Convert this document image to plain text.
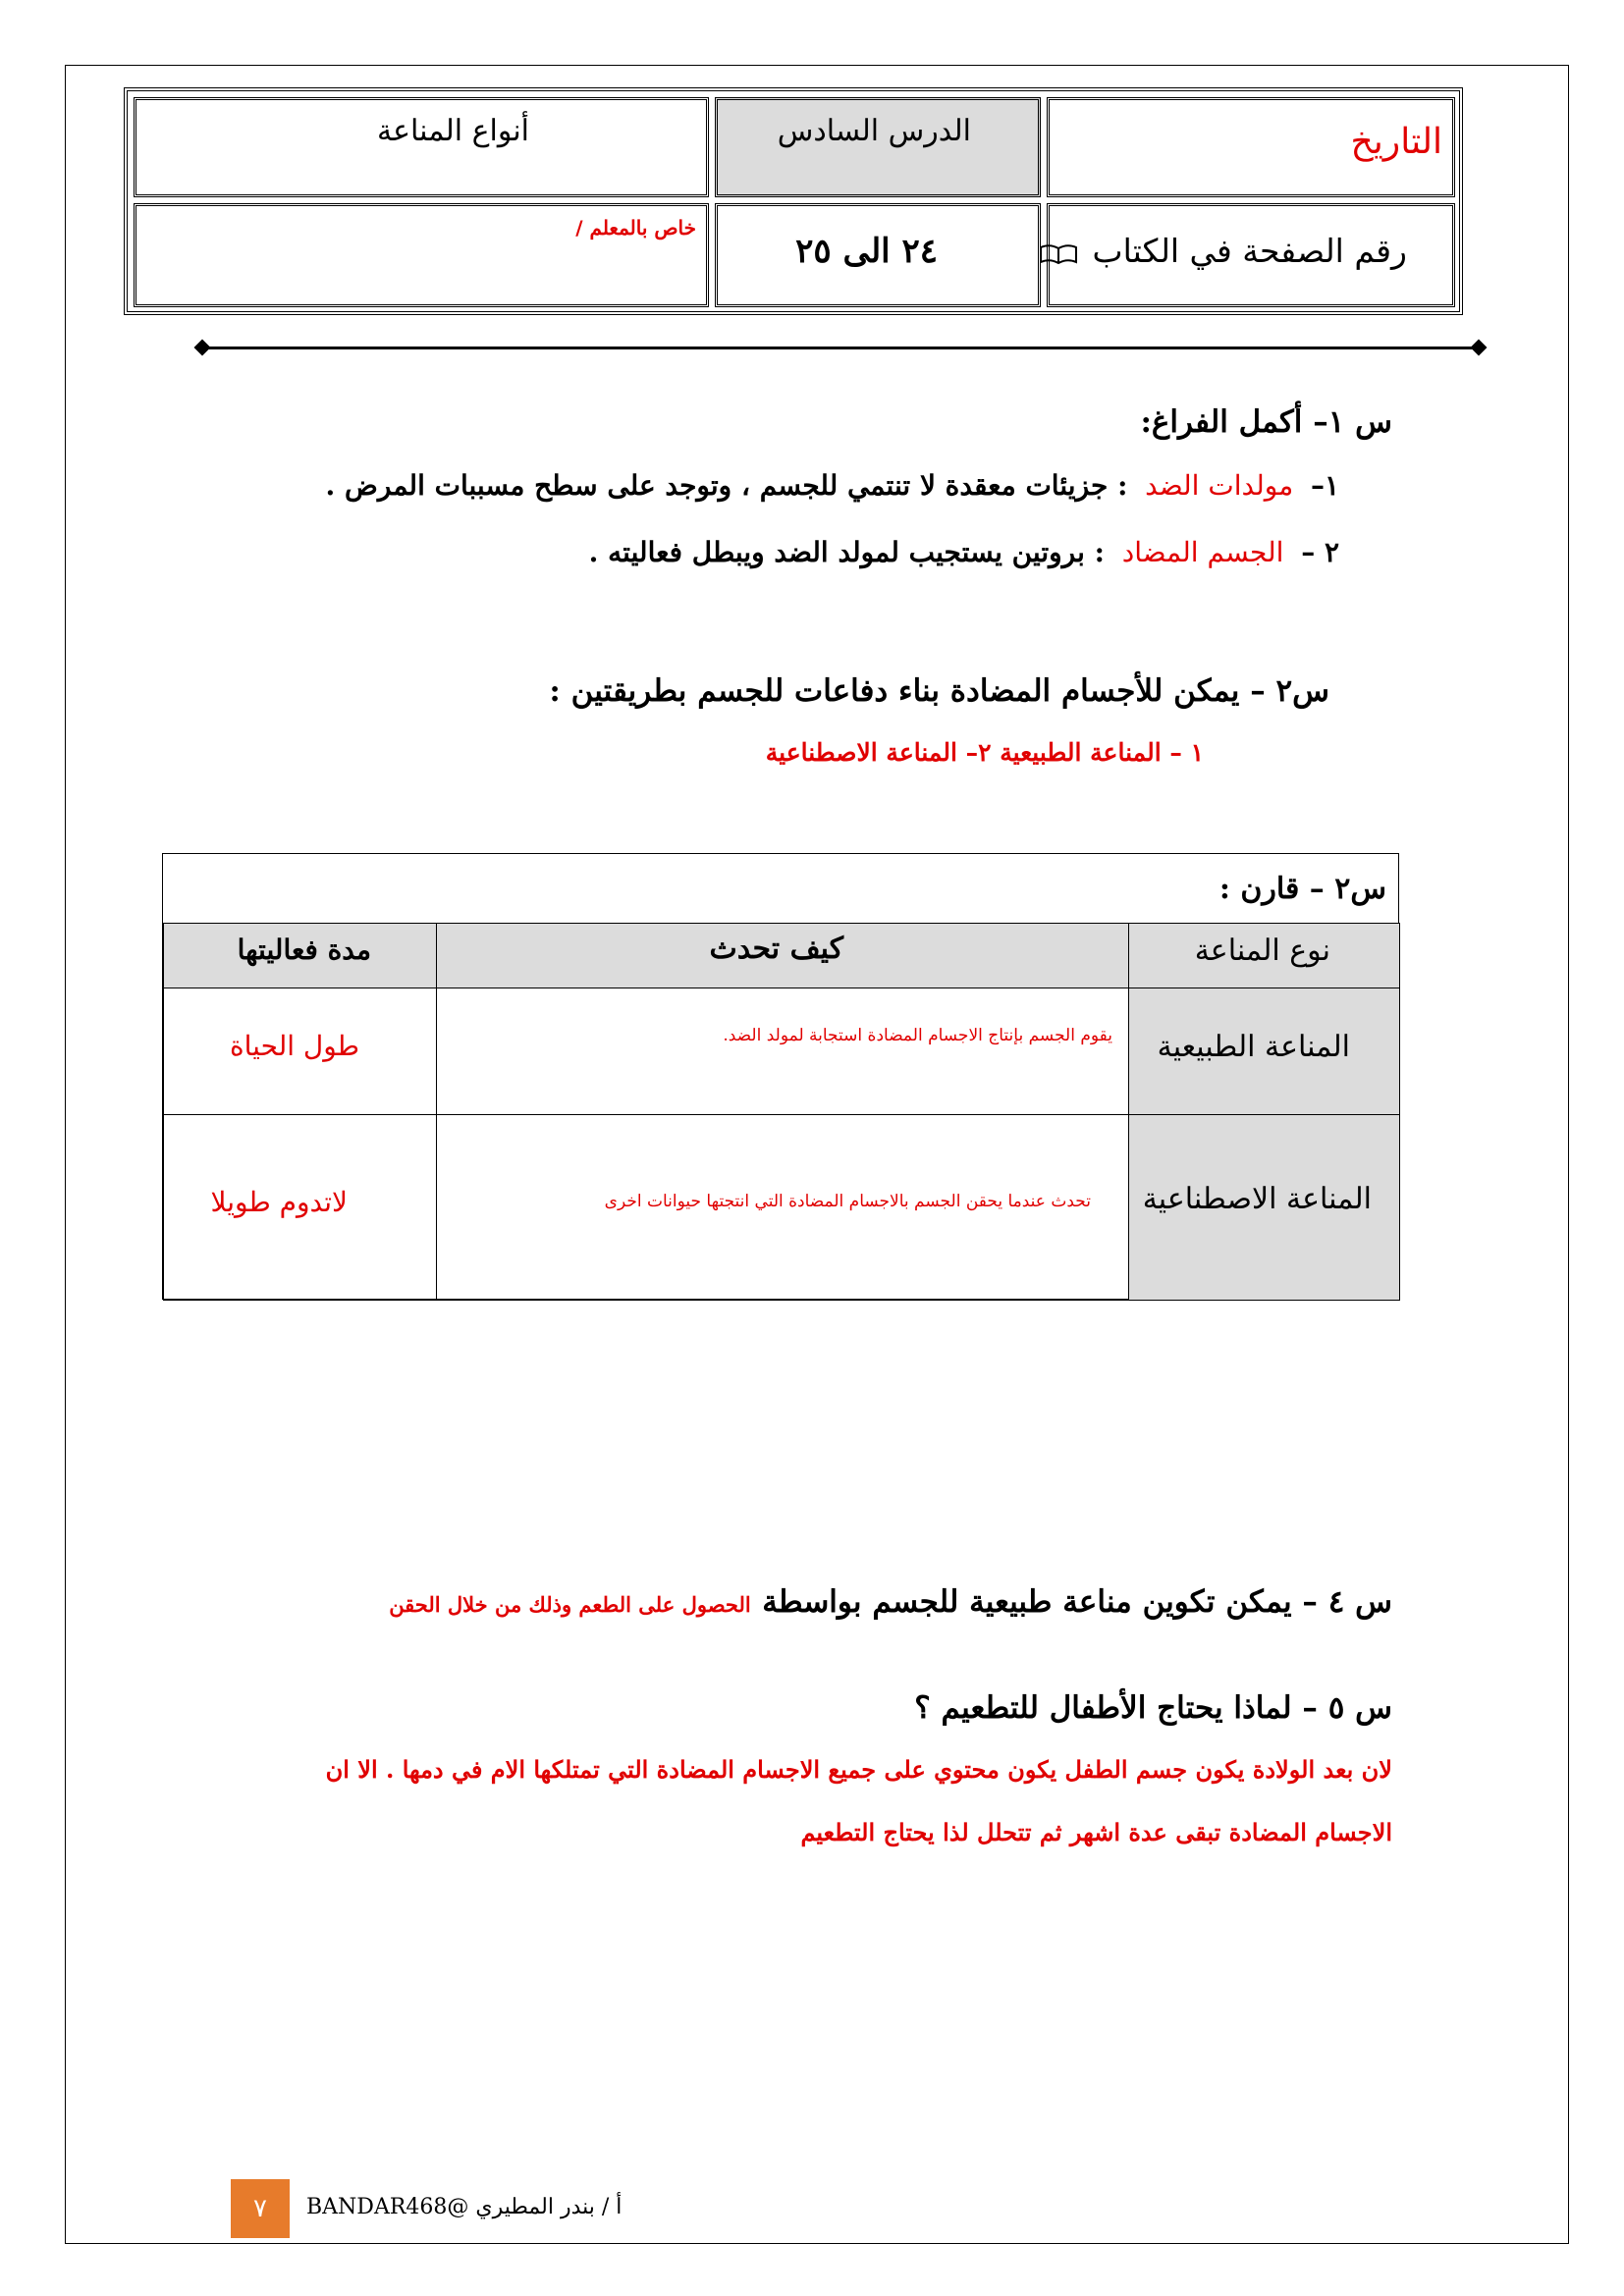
التاريخ
الدرس السادس
أنواع المناعة
رقم الصفحة في الكتاب
٢٤ الى ٢٥
خاص بالمعلم /
س ١– أكمل الفراغ:
١– مولدات الضد : جزيئات معقدة لا تنتمي للجسم ، وتوجد على سطح مسببات المرض .
٢ – الجسم المضاد : بروتين يستجيب لمولد الضد ويبطل فعاليته .
س٢ – يمكن للأجسام المضادة بناء دفاعات للجسم بطريقتين :
١ – المناعة الطبيعية ٢– المناعة الاصطناعية
س٢ – قارن :
نوع المناعة
كيف تحدث
مدة فعاليتها
المناعة الطبيعية
يقوم الجسم بإنتاج الاجسام المضادة استجابة لمولد الضد.
طول الحياة
المناعة الاصطناعية
تحدث عندما يحقن الجسم بالاجسام المضادة التي انتجتها حيوانات اخرى
لاتدوم طويلا
س ٤ – يمكن تكوين مناعة طبيعية للجسم بواسطة الحصول على الطعم وذلك من خلال الحقن
س ٥ – لماذا يحتاج الأطفال للتطعيم ؟
لان بعد الولادة يكون جسم الطفل يكون محتوي على جميع الاجسام المضادة التي تمتلكها الام في دمها . الا ان
الاجسام المضادة تبقى عدة اشهر ثم تتحلل لذا يحتاج التطعيم
٧	أ / بندر المطيري @BANDAR468
